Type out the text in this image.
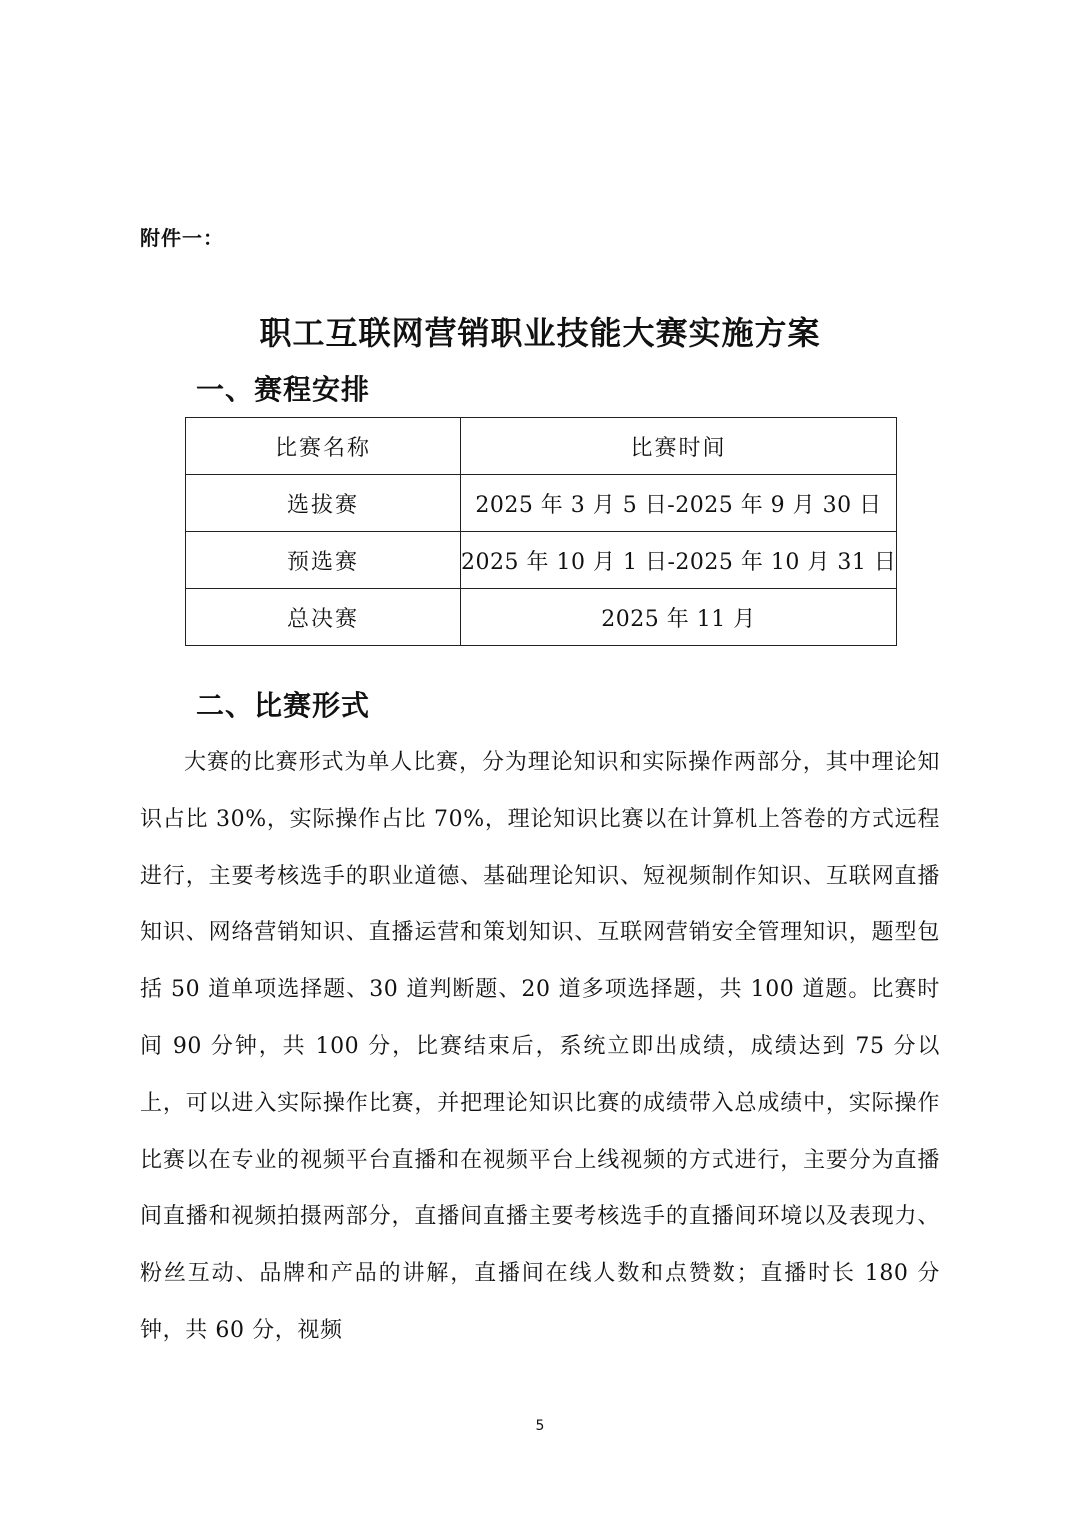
附件一：
职工互联网营销职业技能大赛实施方案
一、赛程安排
比赛名称	比赛时间
选拔赛	2025 年 3 月 5 日-2025 年 9 月 30 日
预选赛	2025 年 10 月 1 日-2025 年 10 月 31 日
总决赛	2025 年 11 月
二、比赛形式

大赛的比赛形式为单人比赛，分为理论知识和实际操作两部分，其中理论知识占比 30%，实际操作占比 70%，理论知识比赛以在计算机上答卷的方式远程进行，主要考核选手的职业道德、基础理论知识、短视频制作知识、互联网直播知识、网络营销知识、直播运营和策划知识、互联网营销安全管理知识，题型包括 50 道单项选择题、30 道判断题、20 道多项选择题，共 100 道题。比赛时间 90 分钟，共 100 分，比赛结束后，系统立即出成绩，成绩达到 75 分以上，可以进入实际操作比赛，并把理论知识比赛的成绩带入总成绩中，实际操作比赛以在专业的视频平台直播和在视频平台上线视频的方式进行，主要分为直播间直播和视频拍摄两部分，直播间直播主要考核选手的直播间环境以及表现力、粉丝互动、品牌和产品的讲解，直播间在线人数和点赞数；直播时长 180 分钟，共 60 分，视频

5
